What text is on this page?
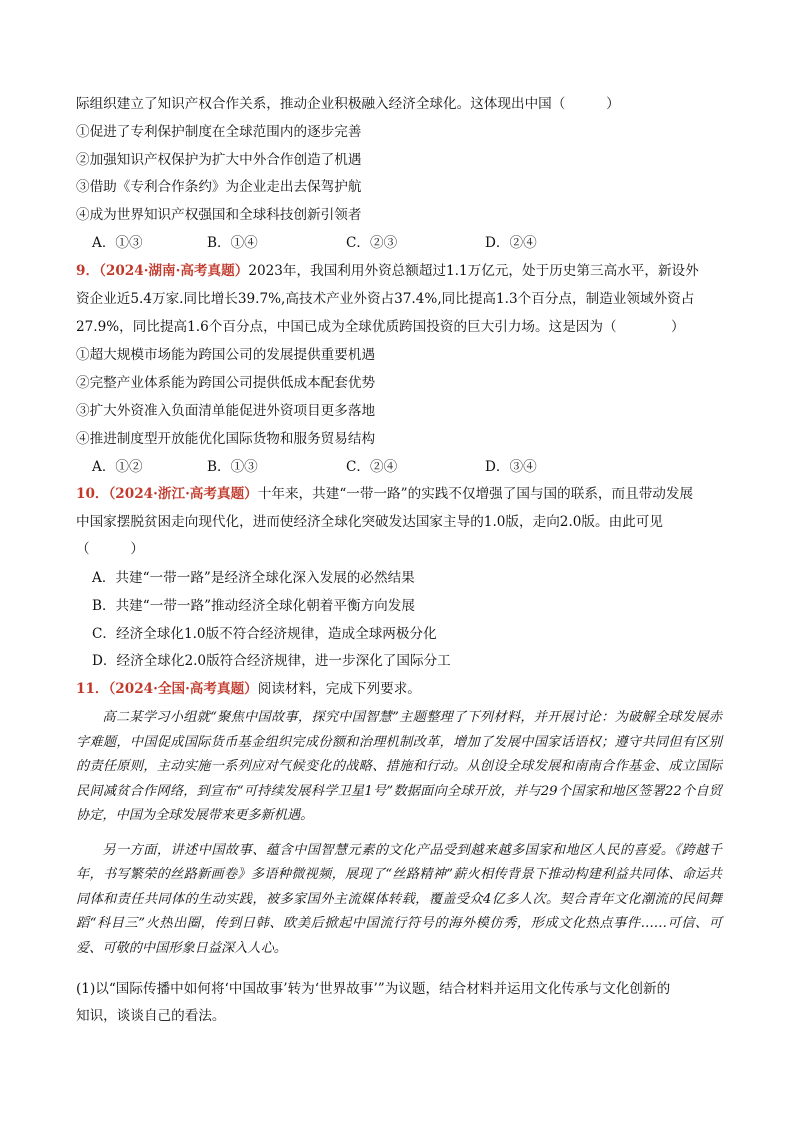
际组织建立了知识产权合作关系，推动企业积极融入经济全球化。这体现出中国（　　　）
①促进了专利保护制度在全球范围内的逐步完善
②加强知识产权保护为扩大中外合作创造了机遇
③借助《专利合作条约》为企业走出去保驾护航
④成为世界知识产权强国和全球科技创新引领者
A．①③	B．①④	C．②③	D．②④
9．（2024·湖南·高考真题）2023年，我国利用外资总额超过1.1万亿元，处于历史第三高水平，新设外
资企业近5.4万家.同比增长39.7%,高技术产业外资占37.4%,同比提高1.3个百分点，制造业领域外资占
27.9%，同比提高1.6个百分点，中国已成为全球优质跨国投资的巨大引力场。这是因为（　　　　）
①超大规模市场能为跨国公司的发展提供重要机遇
②完整产业体系能为跨国公司提供低成本配套优势
③扩大外资准入负面清单能促进外资项目更多落地
④推进制度型开放能优化国际货物和服务贸易结构
A．①②	B．①③	C．②④	D．③④
10．（2024·浙江·高考真题）十年来，共建“一带一路”的实践不仅增强了国与国的联系，而且带动发展
中国家摆脱贫困走向现代化，进而使经济全球化突破发达国家主导的1.0版，走向2.0版。由此可见
（　　　）
A．共建“一带一路”是经济全球化深入发展的必然结果
B．共建“一带一路”推动经济全球化朝着平衡方向发展
C．经济全球化1.0版不符合经济规律，造成全球两极分化
D．经济全球化2.0版符合经济规律，进一步深化了国际分工
11．（2024·全国·高考真题）阅读材料，完成下列要求。

高二某学习小组就“聚焦中国故事，探究中国智慧”主题整理了下列材料，并开展讨论：为破解全球发展赤字难题，中国促成国际货币基金组织完成份额和治理机制改革，增加了发展中国家话语权；遵守共同但有区别的责任原则，主动实施一系列应对气候变化的战略、措施和行动。从创设全球发展和南南合作基金、成立国际民间减贫合作网络，到宣布“可持续发展科学卫星1号”数据面向全球开放，并与29个国家和地区签署22个自贸协定，中国为全球发展带来更多新机遇。

另一方面，讲述中国故事、蕴含中国智慧元素的文化产品受到越来越多国家和地区人民的喜爱。《跨越千年，书写繁荣的丝路新画卷》多语种微视频，展现了“丝路精神”薪火相传背景下推动构建利益共同体、命运共同体和责任共同体的生动实践，被多家国外主流媒体转载，覆盖受众4亿多人次。契合青年文化潮流的民间舞蹈“科目三”火热出圈，传到日韩、欧美后掀起中国流行符号的海外模仿秀，形成文化热点事件……可信、可爱、可敬的中国形象日益深入人心。

(1)以“国际传播中如何将‘中国故事’转为‘世界故事’”为议题，结合材料并运用文化传承与文化创新的
知识，谈谈自己的看法。
